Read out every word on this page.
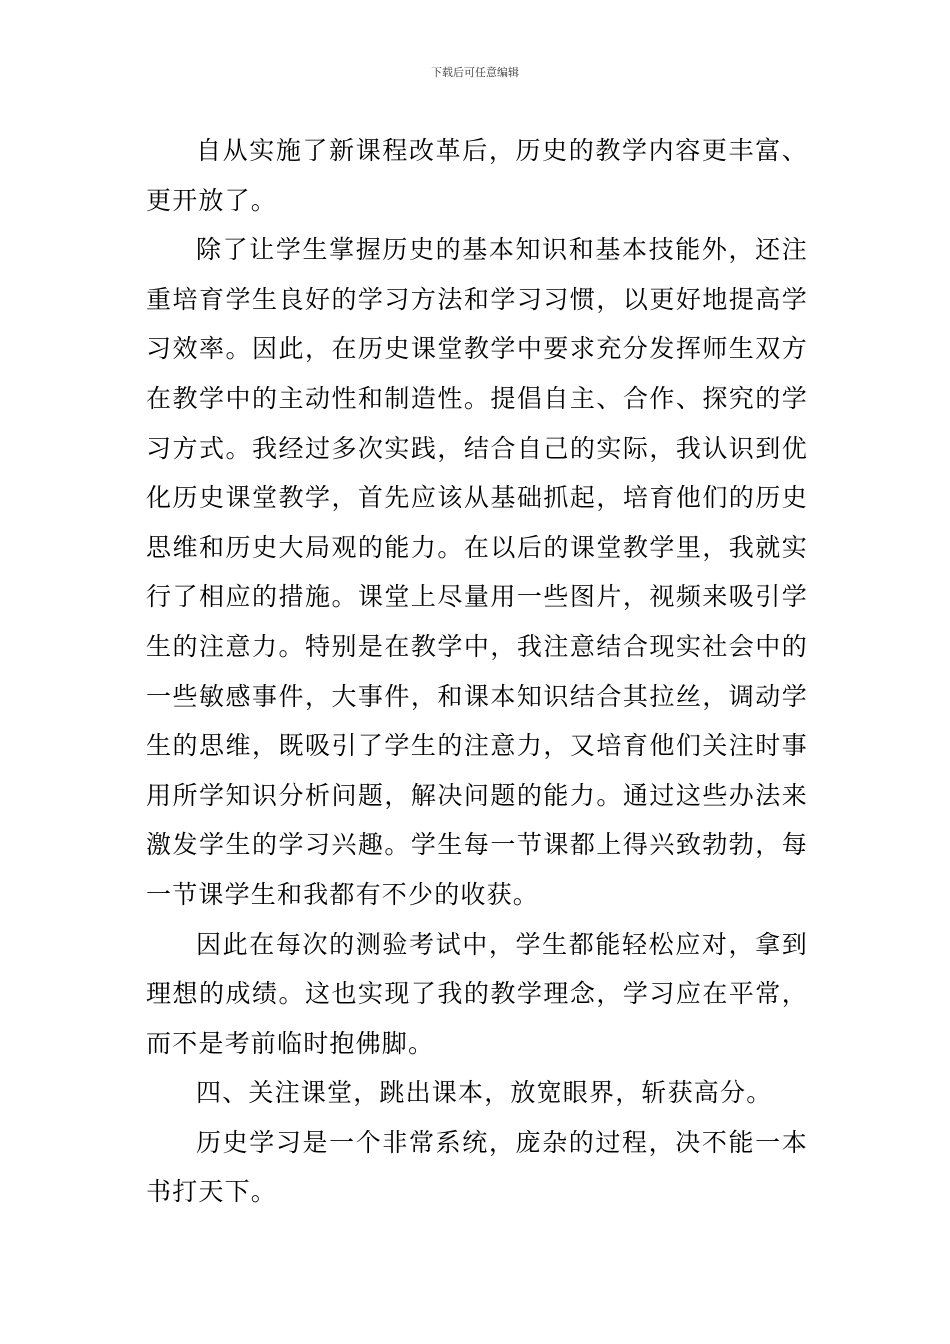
下载后可任意编辑

自从实施了新课程改革后，历史的教学内容更丰富、更开放了。

除了让学生掌握历史的基本知识和基本技能外，还注重培育学生良好的学习方法和学习习惯，以更好地提高学习效率。因此，在历史课堂教学中要求充分发挥师生双方在教学中的主动性和制造性。提倡自主、合作、探究的学习方式。我经过多次实践，结合自己的实际，我认识到优化历史课堂教学，首先应该从基础抓起，培育他们的历史思维和历史大局观的能力。在以后的课堂教学里，我就实行了相应的措施。课堂上尽量用一些图片，视频来吸引学生的注意力。特别是在教学中，我注意结合现实社会中的一些敏感事件，大事件，和课本知识结合其拉丝，调动学生的思维，既吸引了学生的注意力，又培育他们关注时事用所学知识分析问题，解决问题的能力。通过这些办法来激发学生的学习兴趣。学生每一节课都上得兴致勃勃，每一节课学生和我都有不少的收获。

因此在每次的测验考试中，学生都能轻松应对，拿到理想的成绩。这也实现了我的教学理念，学习应在平常，而不是考前临时抱佛脚。

四、关注课堂，跳出课本，放宽眼界，斩获高分。

历史学习是一个非常系统，庞杂的过程，决不能一本书打天下。
